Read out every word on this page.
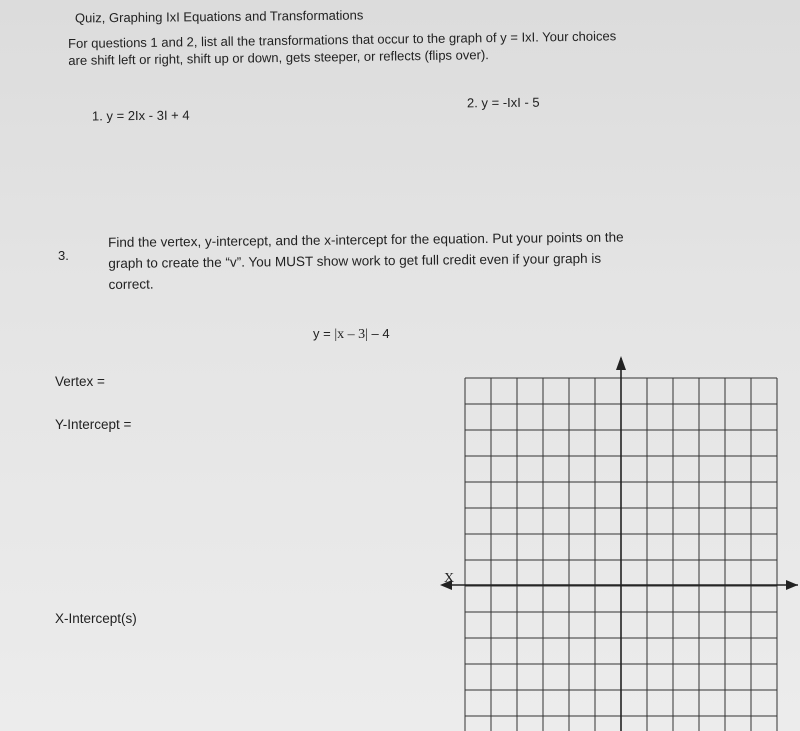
Quiz, Graphing IxI Equations and Transformations
For questions 1 and 2, list all the transformations that occur to the graph of y = IxI. Your choices
are shift left or right, shift up or down, gets steeper, or reflects (flips over).
1. y = 2Ix - 3I + 4
2. y = -IxI - 5
3.
Find the vertex, y-intercept, and the x-intercept for the equation. Put your points on the
graph to create the “v”. You MUST show work to get full credit even if your graph is
correct.
y = |x – 3| – 4
Vertex =
Y-Intercept =
X-Intercept(s)
X
